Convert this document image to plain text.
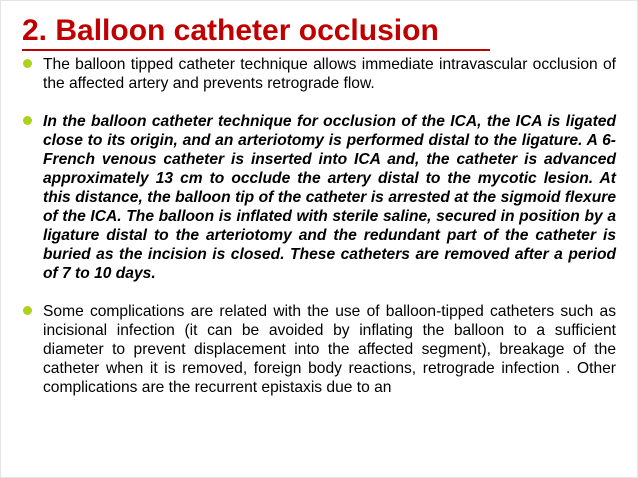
2. Balloon catheter occlusion

The balloon tipped catheter technique allows immediate intravascular occlusion of the affected artery and prevents retrograde flow.

In the balloon catheter technique for occlusion of the ICA, the ICA is ligated close to its origin, and an arteriotomy is performed distal to the ligature. A 6-French venous catheter is inserted into ICA and, the catheter is advanced approximately 13 cm to occlude the artery distal to the mycotic lesion. At this distance, the balloon tip of the catheter is arrested at the sigmoid flexure of the ICA. The balloon is inflated with sterile saline, secured in position by a ligature distal to the arteriotomy and the redundant part of the catheter is buried as the incision is closed. These catheters are removed after a period of 7 to 10 days.

Some complications are related with the use of balloon-tipped catheters such as incisional infection (it can be avoided by inflating the balloon to a sufficient diameter to prevent displacement into the affected segment), breakage of the catheter when it is removed, foreign body reactions, retrograde infection . Other complications are the recurrent epistaxis due to an
